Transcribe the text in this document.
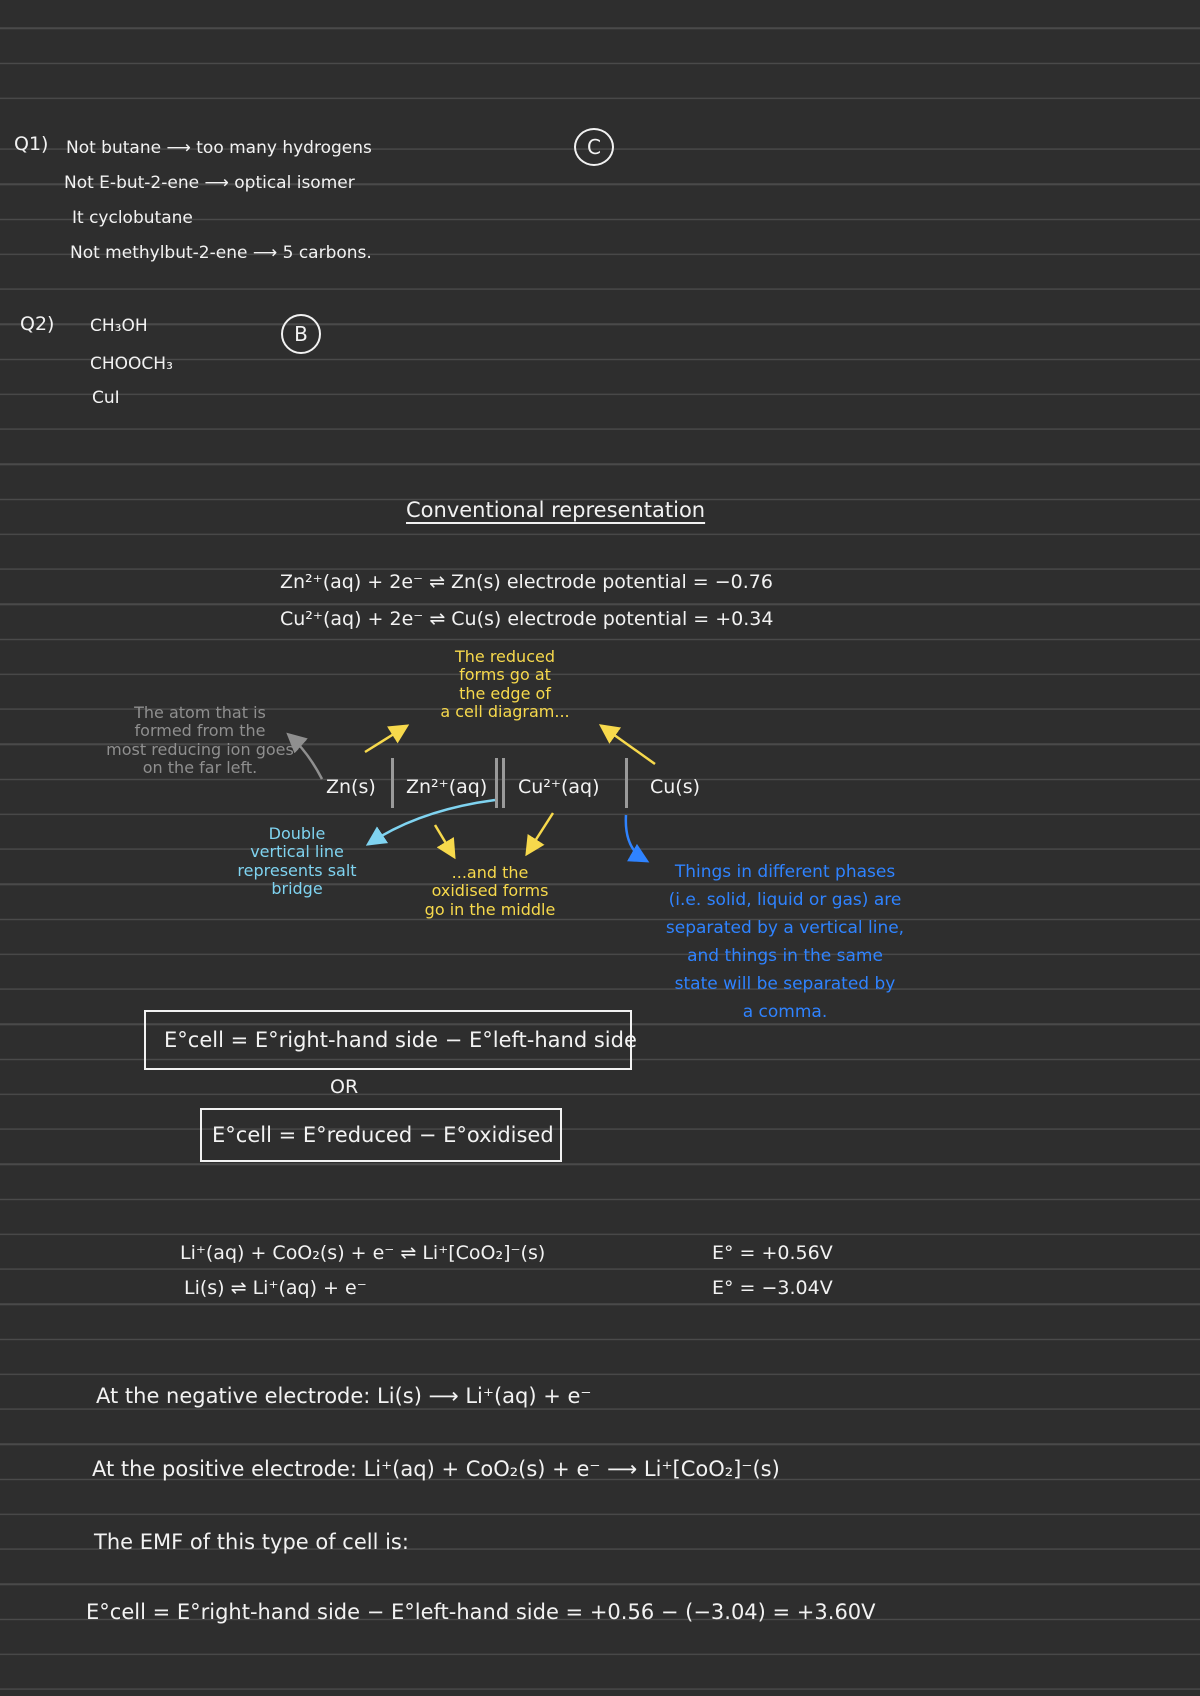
Q1) Not butane ⟶ too many hydrogens
Not E-but-2-ene ⟶ optical isomer
It cyclobutane
Not methylbut-2-ene ⟶ 5 carbons.
C
Q2) CH₃OH
CHOOCH₃
CuI
B
Conventional representation
Zn²⁺(aq) + 2e⁻ ⇌ Zn(s) electrode potential = −0.76
Cu²⁺(aq) + 2e⁻ ⇌ Cu(s) electrode potential = +0.34
The reduced
forms go at
the edge of
a cell diagram...
The atom that is
formed from the
most reducing ion goes
on the far left.
Zn(s) Zn²⁺(aq) Cu²⁺(aq)	Cu(s)
Double
vertical line
represents salt
bridge
...and the
oxidised forms
go in the middle
Things in different phases
(i.e. solid, liquid or gas) are
separated by a vertical line,
and things in the same
state will be separated by
a comma.
E°cell = E°right-hand side − E°left-hand side
OR
E°cell = E°reduced − E°oxidised
Li⁺(aq) + CoO₂(s) + e⁻ ⇌ Li⁺[CoO₂]⁻(s)	E° = +0.56V
Li(s) ⇌ Li⁺(aq) + e⁻	E° = −3.04V
At the negative electrode: Li(s) ⟶ Li⁺(aq) + e⁻
At the positive electrode: Li⁺(aq) + CoO₂(s) + e⁻ ⟶ Li⁺[CoO₂]⁻(s)
The EMF of this type of cell is:
E°cell = E°right-hand side − E°left-hand side = +0.56 − (−3.04) = +3.60V
